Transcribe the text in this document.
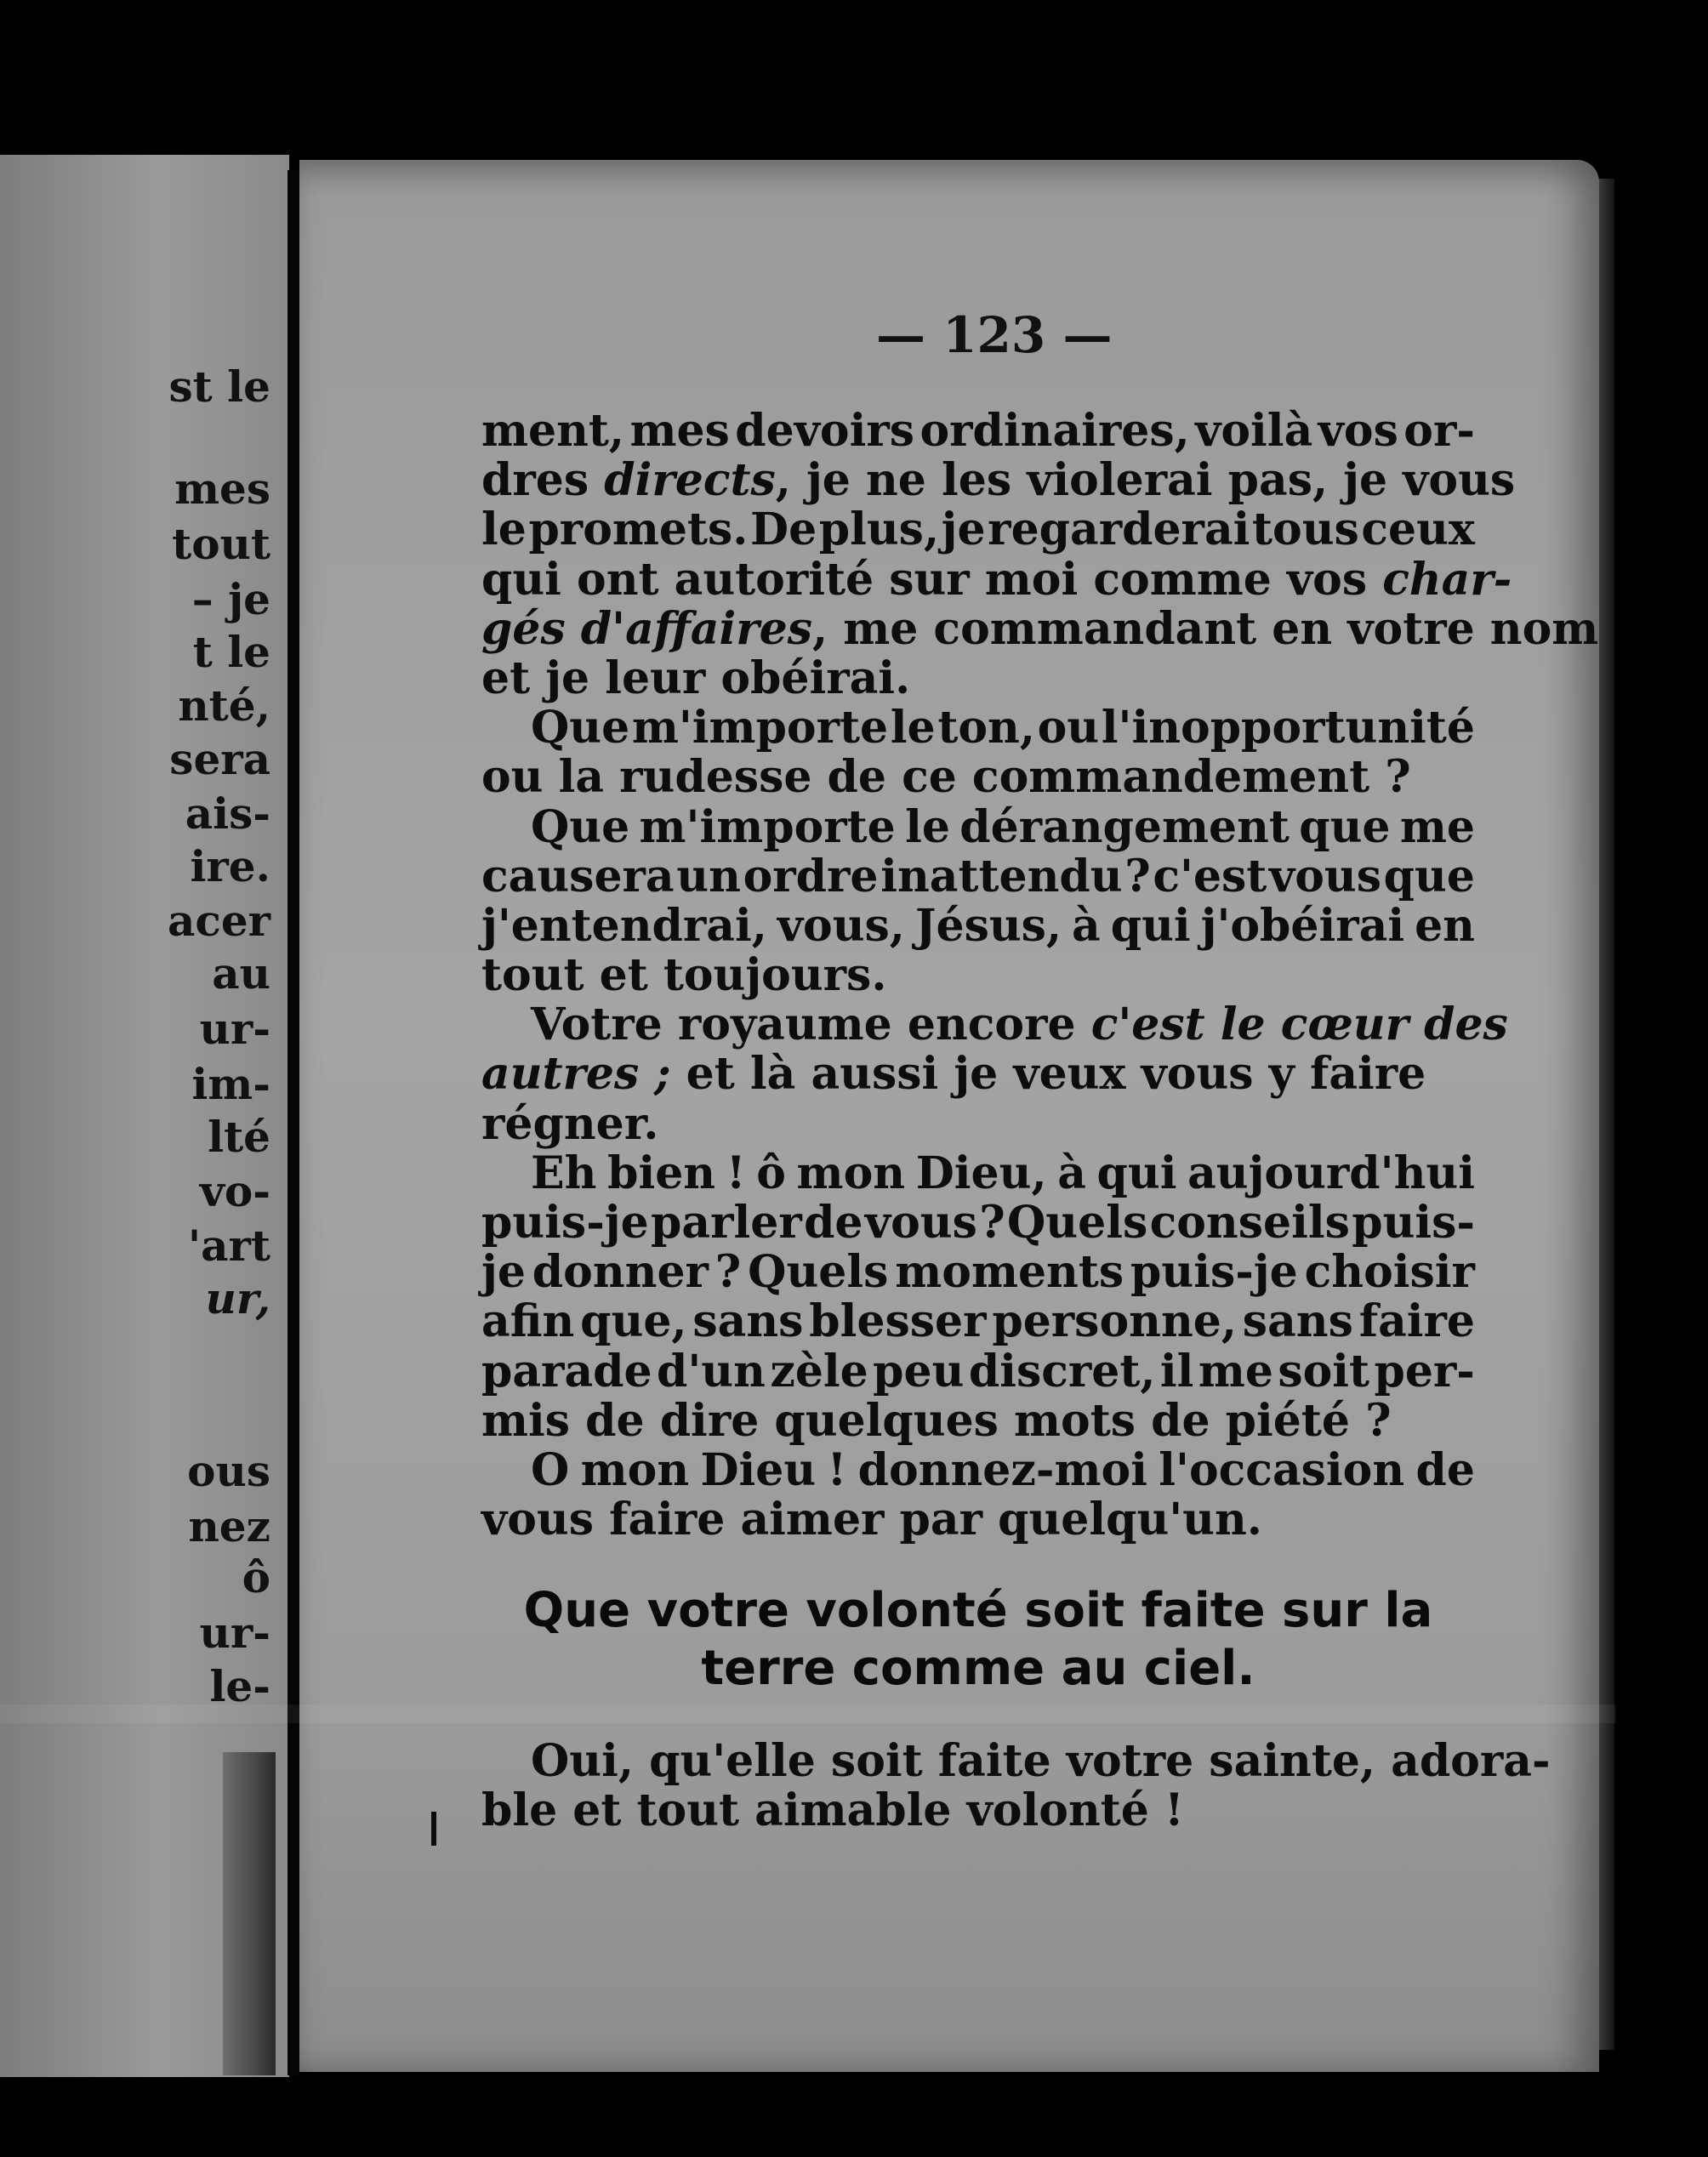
st le
mes
tout
– je
t le
nté,
sera
ais-
ire.
acer
au
ur-
im-
lté
vo-
'art
ur,
ous
nez
ô
ur-
le-
— 123 —
ment, mes devoirs ordinaires, voilà vos or-
dres directs, je ne les violerai pas, je vous
le promets. De plus, je regarderai tous ceux
qui ont autorité sur moi comme vos char-
gés d'affaires, me commandant en votre nom
et je leur obéirai.
Que m'importe le ton, ou l'inopportunité
ou la rudesse de ce commandement ?
Que m'importe le dérangement que me
causera un ordre inattendu ? c'est vous que
j'entendrai, vous, Jésus, à qui j'obéirai en
tout et toujours.
Votre royaume encore c'est le cœur des
autres ; et là aussi je veux vous y faire
régner.
Eh bien ! ô mon Dieu, à qui aujourd'hui
puis-je parler de vous ? Quels conseils puis-
je donner ? Quels moments puis-je choisir
afin que, sans blesser personne, sans faire
parade d'un zèle peu discret, il me soit per-
mis de dire quelques mots de piété ?
O mon Dieu ! donnez-moi l'occasion de
vous faire aimer par quelqu'un.
Que votre volonté soit faite sur la
terre comme au ciel.
Oui, qu'elle soit faite votre sainte, adora-
ble et tout aimable volonté !
